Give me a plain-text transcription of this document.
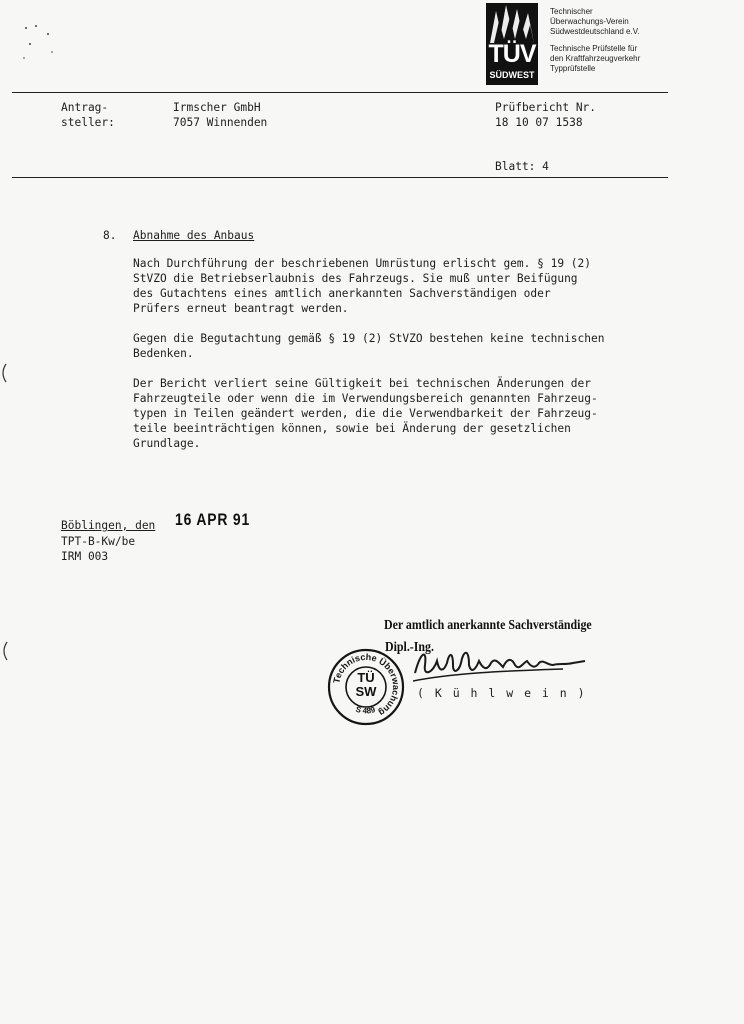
TÜV
SÜDWEST
Technischer
Überwachungs-Verein
Südwestdeutschland e.V.
Technische Prüfstelle für
den Kraftfahrzeugverkehr
Typprüfstelle
Antrag-
steller:
Irmscher GmbH
7057 Winnenden
Prüfbericht Nr.
18 10 07 1538
Blatt: 4
8. Abnahme des Anbaus
Nach Durchführung der beschriebenen Umrüstung erlischt gem. § 19 (2)
StVZO die Betriebserlaubnis des Fahrzeugs. Sie muß unter Beifügung
des Gutachtens eines amtlich anerkannten Sachverständigen oder
Prüfers erneut beantragt werden.
Gegen die Begutachtung gemäß § 19 (2) StVZO bestehen keine technischen
Bedenken.
Der Bericht verliert seine Gültigkeit bei technischen Änderungen der
Fahrzeugteile oder wenn die im Verwendungsbereich genannten Fahrzeug-
typen in Teilen geändert werden, die die Verwendbarkeit der Fahrzeug-
teile beeinträchtigen können, sowie bei Änderung der gesetzlichen
Grundlage.
Böblingen, den 16 APR 91
TPT-B-Kw/be
IRM 003
Der amtlich anerkannte Sachverständige
Dipl.-Ing.
( K ü h l w e i n )
Technische Überwachung
S 489
TÜ
SW
